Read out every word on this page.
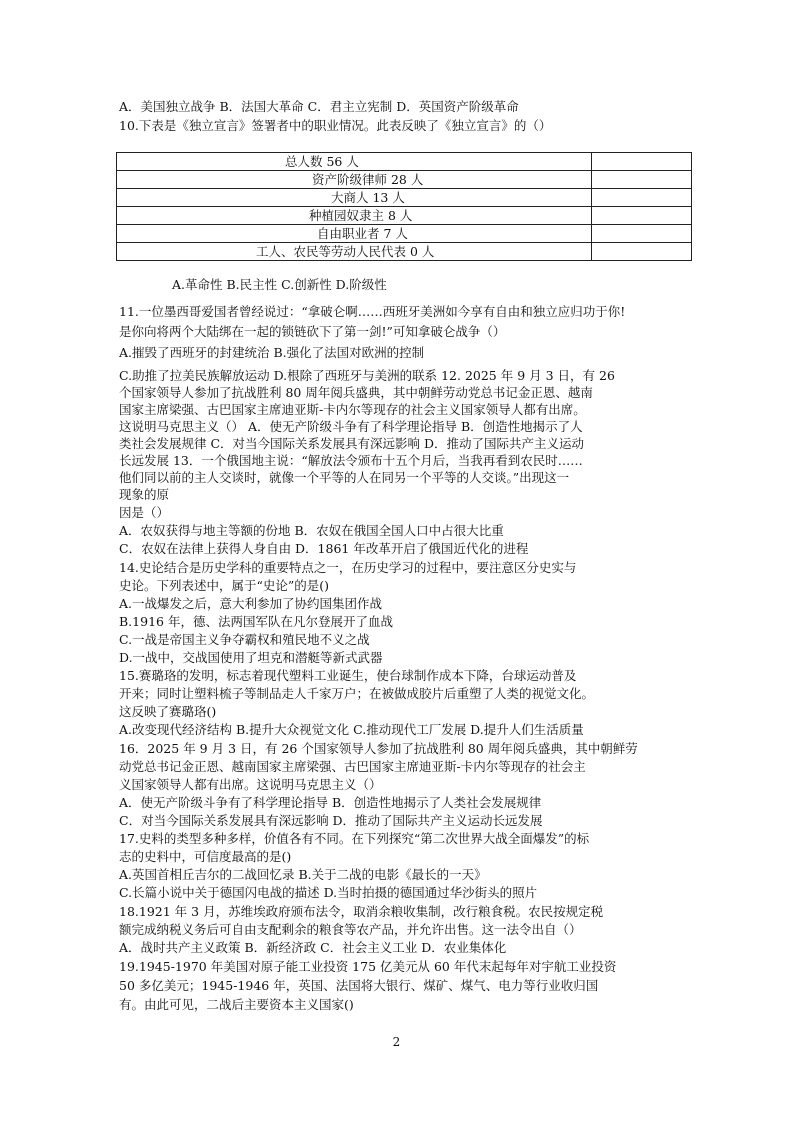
A．美国独立战争 B．法国大革命 C．君主立宪制 D．英国资产阶级革命
10.下表是《独立宣言》签署者中的职业情况。此表反映了《独立宣言》的（）
总人数 56 人	
资产阶级律师 28 人	
大商人 13 人	
种植园奴隶主 8 人	
自由职业者 7 人	
工人、农民等劳动人民代表 0 人	
A.革命性 B.民主性 C.创新性 D.阶级性
11.一位墨西哥爱国者曾经说过：“拿破仑啊……西班牙美洲如今享有自由和独立应归功于你!
是你向将两个大陆绑在一起的锁链砍下了第一剑!”可知拿破仑战争（）
A.摧毁了西班牙的封建统治 B.强化了法国对欧洲的控制
C.助推了拉美民族解放运动 D.根除了西班牙与美洲的联系 12. 2025 年 9 月 3 日，有 26
个国家领导人参加了抗战胜利 80 周年阅兵盛典，其中朝鲜劳动党总书记金正恩、越南
国家主席梁强、古巴国家主席迪亚斯-卡内尔等现存的社会主义国家领导人都有出席。
这说明马克思主义（） A．使无产阶级斗争有了科学理论指导 B．创造性地揭示了人
类社会发展规律 C．对当今国际关系发展具有深远影响 D．推动了国际共产主义运动
长远发展 13．一个俄国地主说：“解放法令颁布十五个月后，当我再看到农民时……
他们同以前的主人交谈时，就像一个平等的人在同另一个平等的人交谈。”出现这一
现象的原
因是（）
A．农奴获得与地主等额的份地 B．农奴在俄国全国人口中占很大比重
C．农奴在法律上获得人身自由 D．1861 年改革开启了俄国近代化的进程
14.史论结合是历史学科的重要特点之一，在历史学习的过程中，要注意区分史实与
史论。下列表述中，属于“史论”的是()
A.一战爆发之后，意大利参加了协约国集团作战
B.1916 年，德、法两国军队在凡尔登展开了血战
C.一战是帝国主义争夺霸权和殖民地不义之战
D.一战中，交战国使用了坦克和潜艇等新式武器
15.赛璐珞的发明，标志着现代塑料工业诞生，使台球制作成本下降，台球运动普及
开来；同时让塑料梳子等制品走人千家万户；在被做成胶片后重塑了人类的视觉文化。
这反映了赛璐珞()
A.改变现代经济结构 B.提升大众视觉文化 C.推动现代工厂发展 D.提升人们生活质量
16．2025 年 9 月 3 日，有 26 个国家领导人参加了抗战胜利 80 周年阅兵盛典，其中朝鲜劳
动党总书记金正恩、越南国家主席梁强、古巴国家主席迪亚斯-卡内尔等现存的社会主
义国家领导人都有出席。这说明马克思主义（）
A．使无产阶级斗争有了科学理论指导 B．创造性地揭示了人类社会发展规律
C．对当今国际关系发展具有深远影响 D．推动了国际共产主义运动长远发展
17.史料的类型多种多样，价值各有不同。在下列探究“第二次世界大战全面爆发”的标
志的史料中，可信度最高的是()
A.英国首相丘吉尔的二战回忆录 B.关于二战的电影《最长的一天》
C.长篇小说中关于德国闪电战的描述 D.当时拍摄的德国通过华沙街头的照片
18.1921 年 3 月，苏维埃政府颁布法令，取消余粮收集制，改行粮食税。农民按规定税
额完成纳税义务后可自由支配剩余的粮食等农产品，并允许出售。这一法令出自（）
A．战时共产主义政策 B．新经济政 C．社会主义工业 D．农业集体化
19.1945-1970 年美国对原子能工业投资 175 亿美元从 60 年代末起每年对宇航工业投资
50 多亿美元；1945-1946 年，英国、法国将大银行、煤矿、煤气、电力等行业收归国
有。由此可见，二战后主要资本主义国家()
2
